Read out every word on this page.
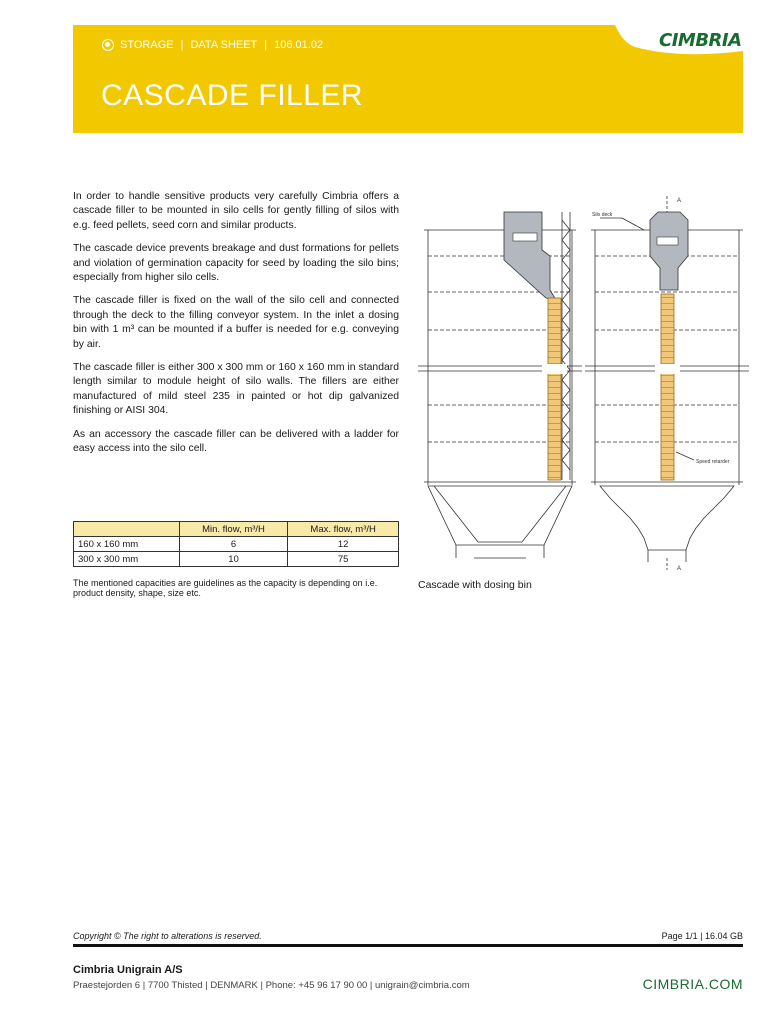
STORAGE | DATA SHEET | 106.01.02
CASCADE FILLER
CIMBRIA

In order to handle sensitive products very carefully Cimbria offers a cascade filler to be mounted in silo cells for gently filling of silos with e.g. feed pellets, seed corn and similar products.

The cascade device prevents breakage and dust formations for pellets and violation of germination capacity for seed by loading the silo bins; especially from higher silo cells.

The cascade filler is fixed on the wall of the silo cell and connected through the deck to the filling conveyor system. In the inlet a dosing bin with 1 m³ can be mounted if a buffer is needed for e.g. conveying by air.

The cascade filler is either 300 x 300 mm or 160 x 160 mm in standard length similar to module height of silo walls. The fillers are either manufactured of mild steel 235 in painted or hot dip galvanized finishing or AISI 304.

As an accessory the cascade filler can be delivered with a ladder for easy access into the silo cell.

	Min. flow, m³/H	Max. flow, m³/H
160 x 160 mm	6	12
300 x 300 mm	10	75
The mentioned capacities are guidelines as the capacity is depending on i.e. product density, shape, size etc.
A
A
Silo deck
Speed retarder
Cascade with dosing bin
Copyright © The right to alterations is reserved.	Page 1/1 | 16.04 GB
Cimbria Unigrain A/S
Praestejorden 6 | 7700 Thisted | DENMARK | Phone: +45 96 17 90 00 | unigrain@cimbria.com	CIMBRIA.COM
